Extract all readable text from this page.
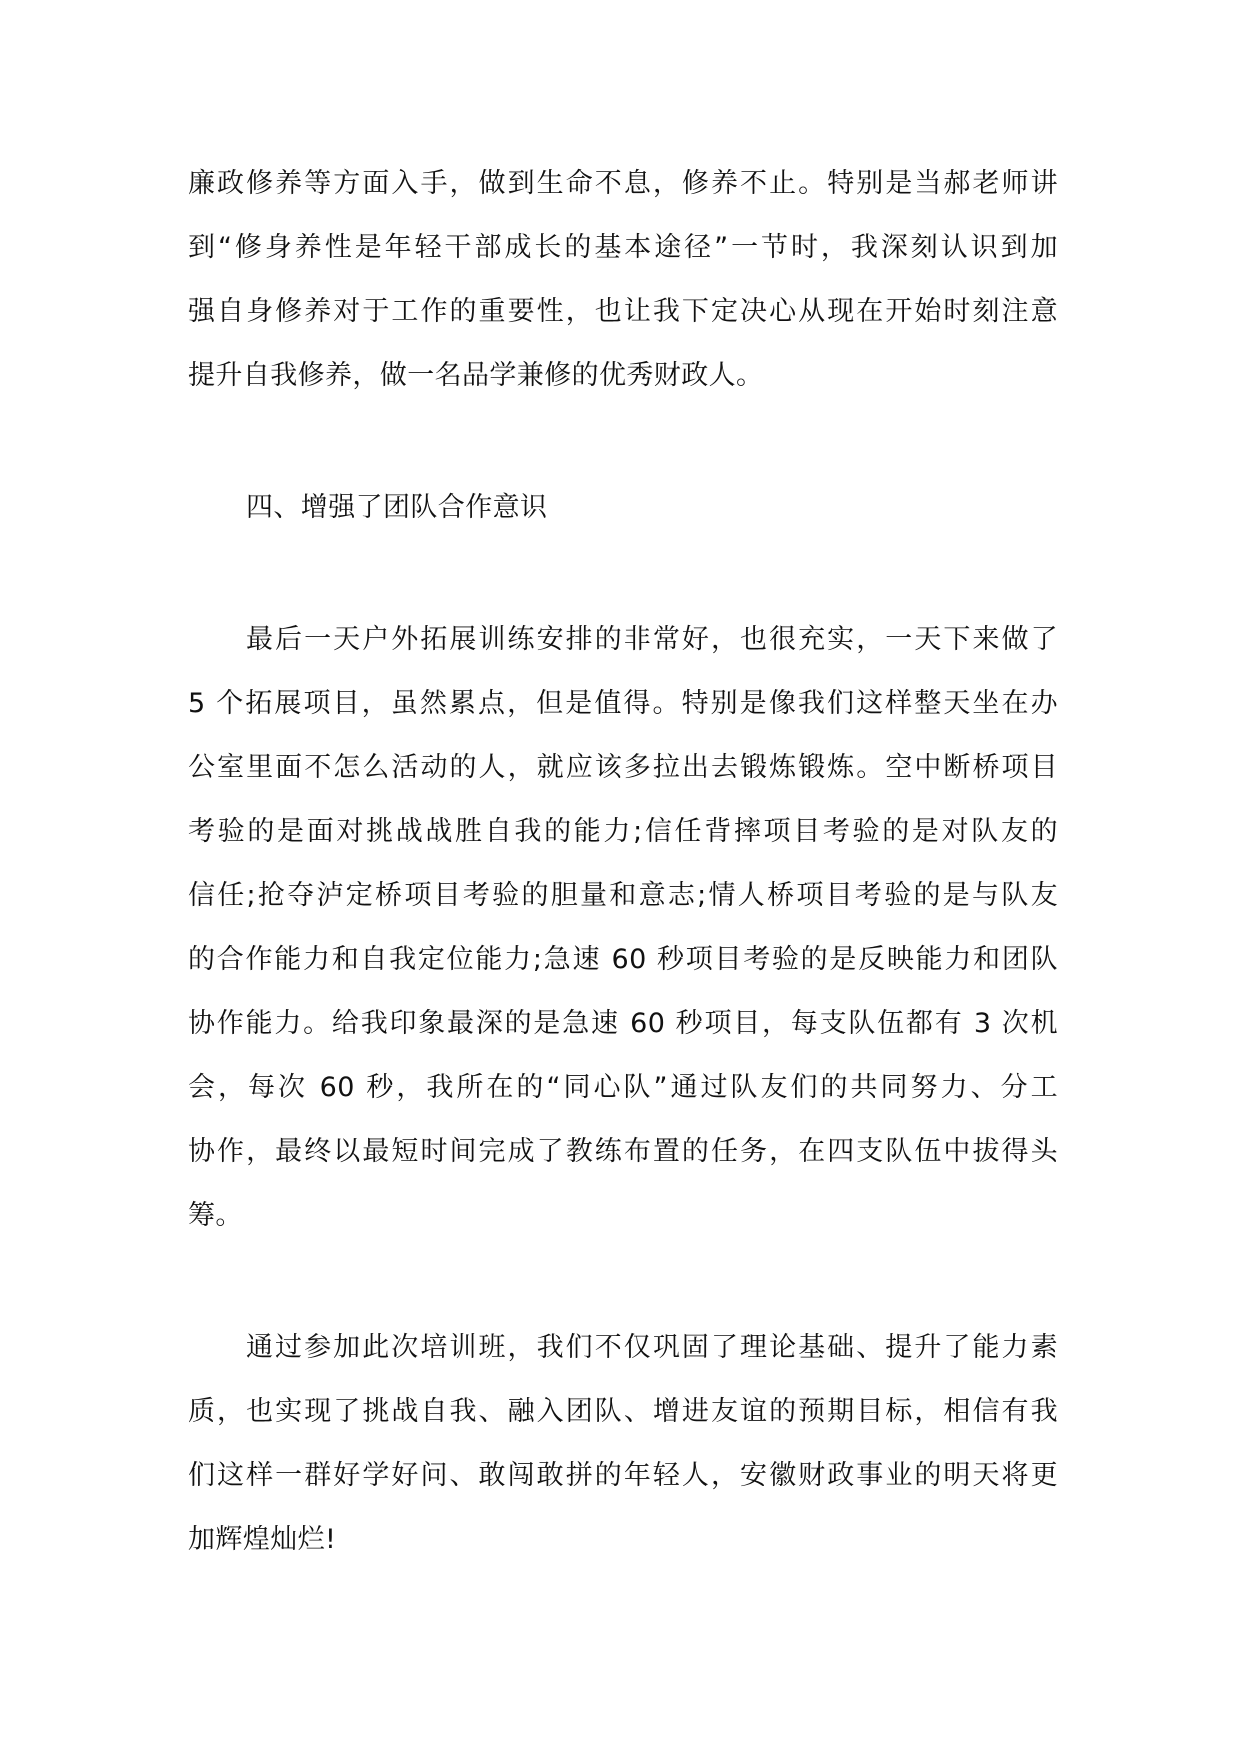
廉政修养等方面入手，做到生命不息，修养不止。特别是当郝老师讲
到“修身养性是年轻干部成长的基本途径”一节时，我深刻认识到加
强自身修养对于工作的重要性，也让我下定决心从现在开始时刻注意
提升自我修养，做一名品学兼修的优秀财政人。
四、增强了团队合作意识
最后一天户外拓展训练安排的非常好，也很充实，一天下来做了
5 个拓展项目，虽然累点，但是值得。特别是像我们这样整天坐在办
公室里面不怎么活动的人，就应该多拉出去锻炼锻炼。空中断桥项目
考验的是面对挑战战胜自我的能力;信任背摔项目考验的是对队友的
信任;抢夺泸定桥项目考验的胆量和意志;情人桥项目考验的是与队友
的合作能力和自我定位能力;急速 60 秒项目考验的是反映能力和团队
协作能力。给我印象最深的是急速 60 秒项目，每支队伍都有 3 次机
会，每次 60 秒，我所在的“同心队”通过队友们的共同努力、分工
协作，最终以最短时间完成了教练布置的任务，在四支队伍中拔得头
筹。
通过参加此次培训班，我们不仅巩固了理论基础、提升了能力素
质，也实现了挑战自我、融入团队、增进友谊的预期目标，相信有我
们这样一群好学好问、敢闯敢拼的年轻人，安徽财政事业的明天将更
加辉煌灿烂!
